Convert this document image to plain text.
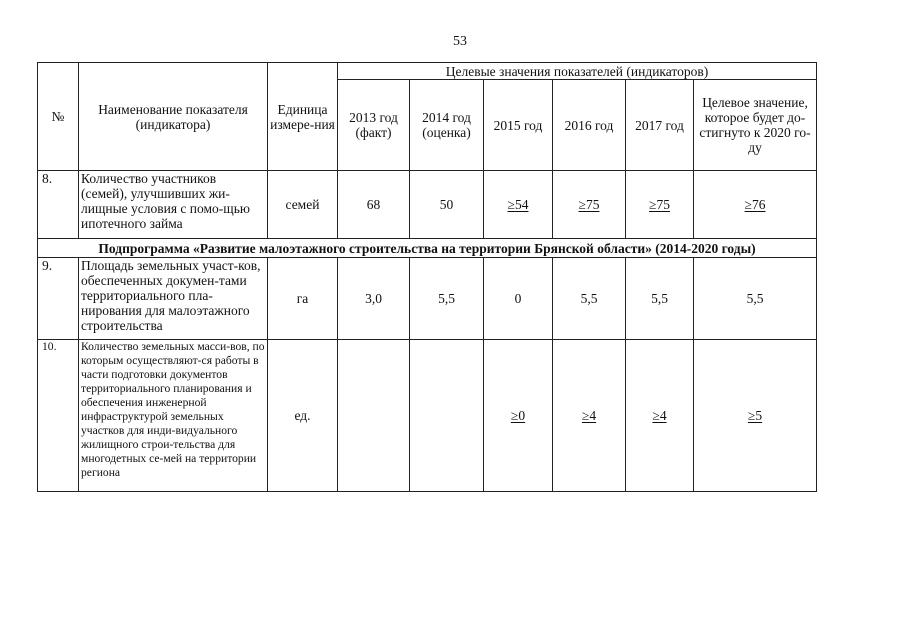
53
№	Наименование показателя (индикатора)	Единица измере-ния	Целевые значения показателей (индикаторов)					
			2013 год (факт)	2014 год (оценка)	2015 год	2016 год	2017 год	Целевое значение, которое будет до-стигнуто к 2020 го-ду
8.	Количество участников (семей), улучшивших жи-лищные условия с помо-щью ипотечного займа	семей	68	50	≥54	≥75	≥75	≥76
Подпрограмма «Развитие малоэтажного строительства на территории Брянской области» (2014-2020 годы)								
9.	Площадь земельных участ-ков, обеспеченных докумен-тами территориального пла-нирования для малоэтажного строительства	га	3,0	5,5	0	5,5	5,5	5,5
10.	Количество земельных масси-вов, по которым осуществляют-ся работы в части подготовки документов территориального планирования и обеспечения инженерной инфраструктурой земельных участков для инди-видуального жилищного строи-тельства для многодетных се-мей на территории региона	ед.			≥0	≥4	≥4	≥5
